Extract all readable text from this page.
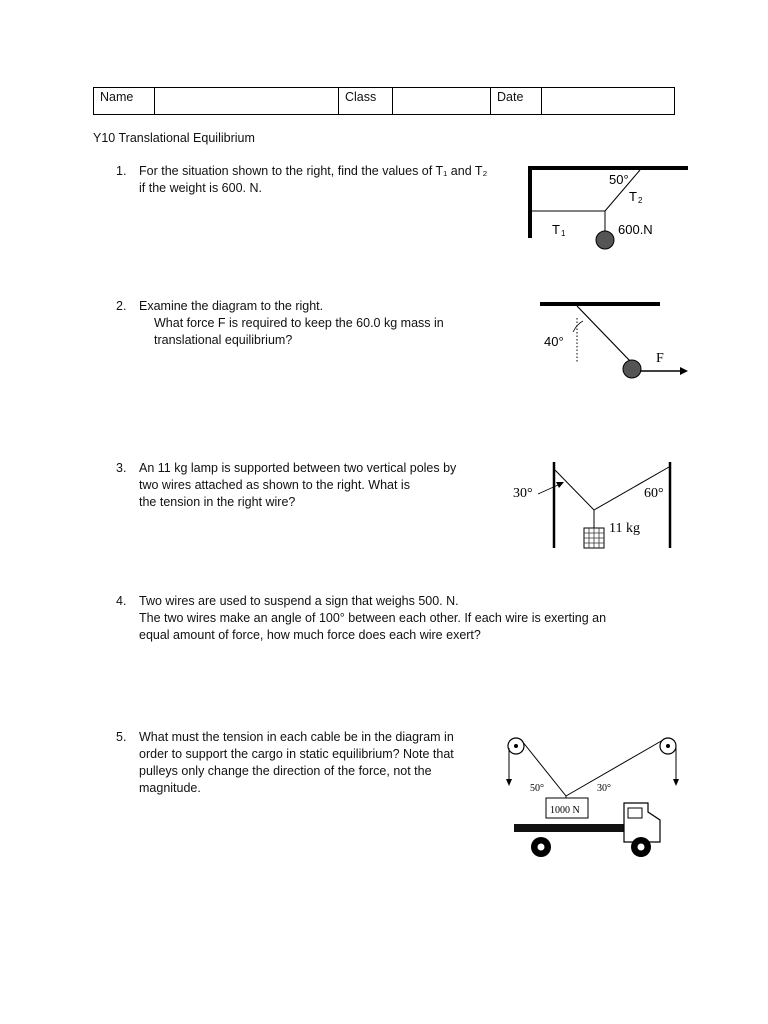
Name		Class		Date	
Y10 Translational Equilibrium
1. For the situation shown to the right, find the values of T₁ and T₂
if the weight is 600. N.
50°
T2
T1	600.N
2. Examine the diagram to the right.
What force F is required to keep the 60.0 kg mass in
translational equilibrium?	40°
F
3. An 11 kg lamp is supported between two vertical poles by
two wires attached as shown to the right. What is
the tension in the right wire?
30°	60°
11 kg
4. Two wires are used to suspend a sign that weighs 500. N.
The two wires make an angle of 100° between each other. If each wire is exerting an
equal amount of force, how much force does each wire exert?
5. What must the tension in each cable be in the diagram in
order to support the cargo in static equilibrium? Note that
pulleys only change the direction of the force, not the
magnitude.
1000 N
50°	30°
